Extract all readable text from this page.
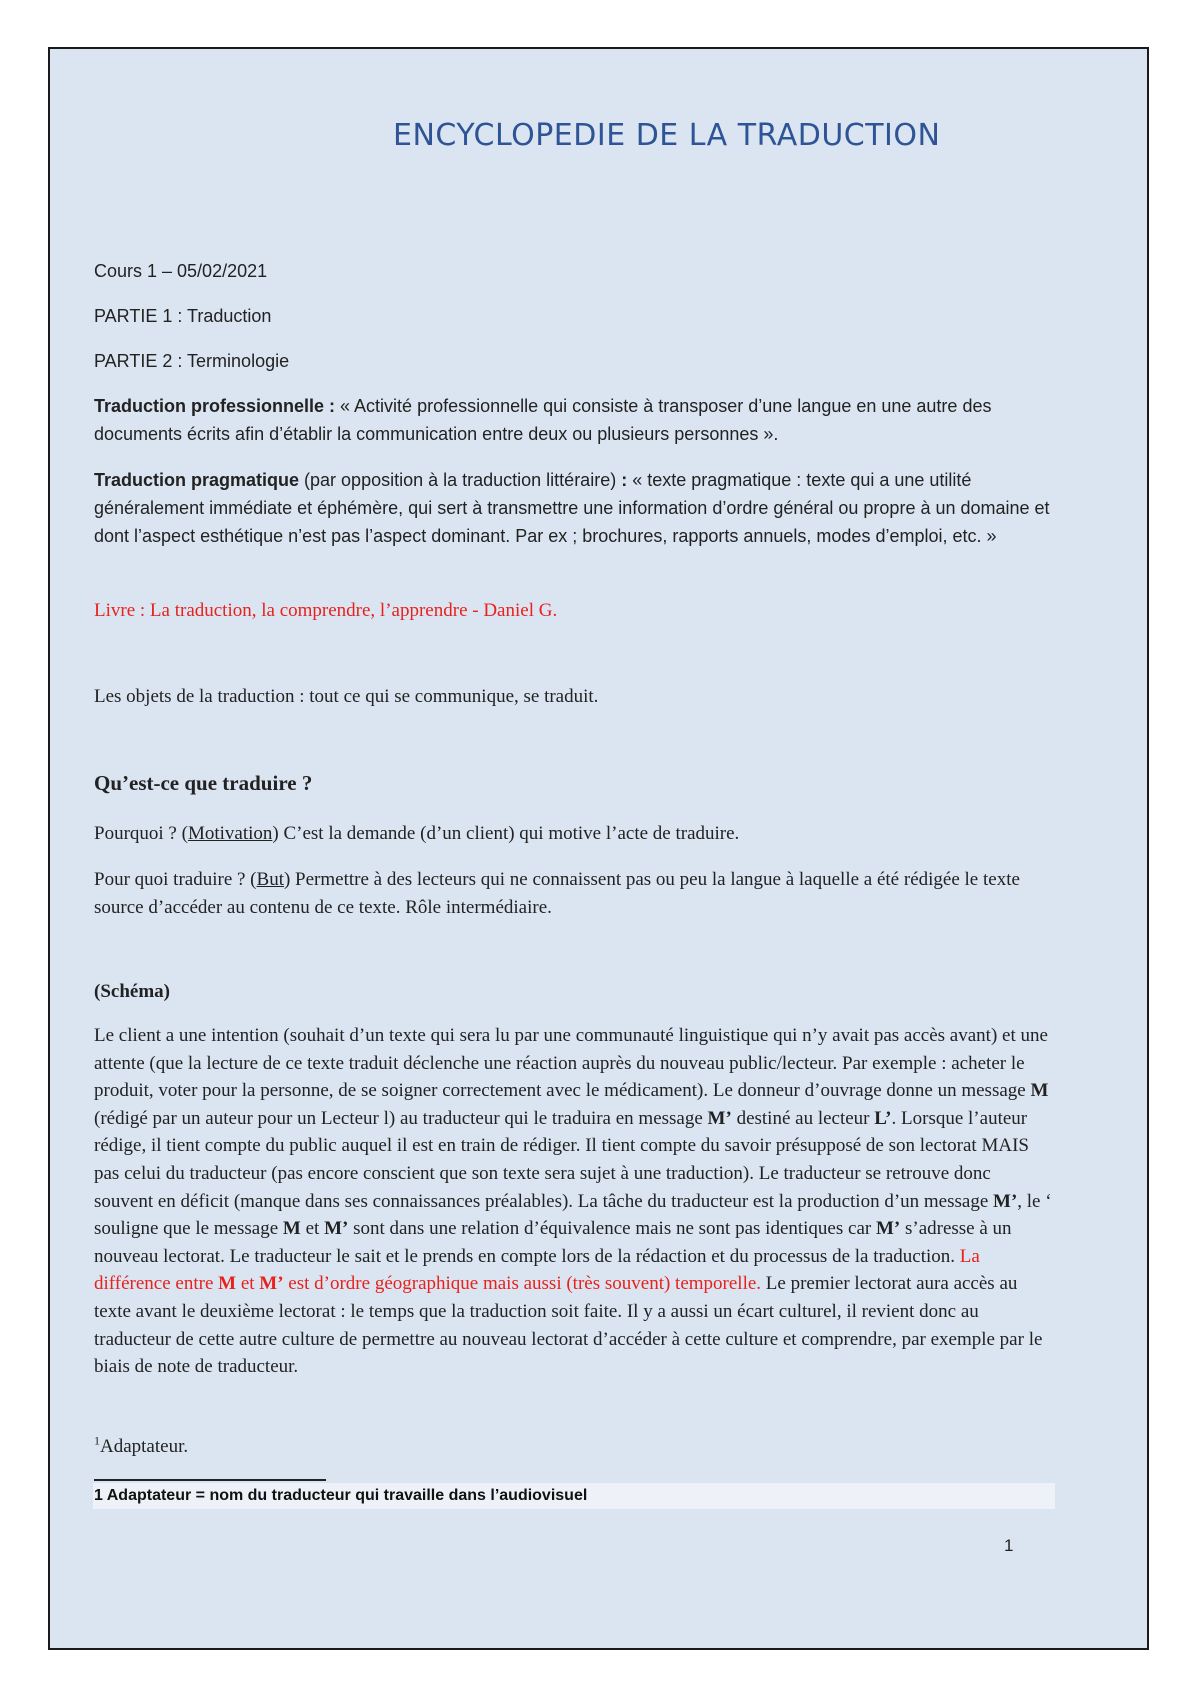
ENCYCLOPEDIE DE LA TRADUCTION

Cours 1 – 05/02/2021

PARTIE 1 : Traduction

PARTIE 2 : Terminologie

Traduction professionnelle : « Activité professionnelle qui consiste à transposer d’une langue en une autre des documents écrits afin d’établir la communication entre deux ou plusieurs personnes ».

Traduction pragmatique (par opposition à la traduction littéraire) : « texte pragmatique : texte qui a une utilité généralement immédiate et éphémère, qui sert à transmettre une information d’ordre général ou propre à un domaine et dont l’aspect esthétique n’est pas l’aspect dominant. Par ex ; brochures, rapports annuels, modes d’emploi, etc. »

Livre : La traduction, la comprendre, l’apprendre - Daniel G.

Les objets de la traduction : tout ce qui se communique, se traduit.

Qu’est-ce que traduire ?

Pourquoi ? (Motivation) C’est la demande (d’un client) qui motive l’acte de traduire.

Pour quoi traduire ? (But) Permettre à des lecteurs qui ne connaissent pas ou peu la langue à laquelle a été rédigée le texte source d’accéder au contenu de ce texte. Rôle intermédiaire.

(Schéma)

Le client a une intention (souhait d’un texte qui sera lu par une communauté linguistique qui n’y avait pas accès avant) et une attente (que la lecture de ce texte traduit déclenche une réaction auprès du nouveau public/lecteur. Par exemple : acheter le produit, voter pour la personne, de se soigner correctement avec le médicament). Le donneur d’ouvrage donne un message M (rédigé par un auteur pour un Lecteur l) au traducteur qui le traduira en message M’ destiné au lecteur L’. Lorsque l’auteur rédige, il tient compte du public auquel il est en train de rédiger. Il tient compte du savoir présupposé de son lectorat MAIS pas celui du traducteur (pas encore conscient que son texte sera sujet à une traduction). Le traducteur se retrouve donc souvent en déficit (manque dans ses connaissances préalables). La tâche du traducteur est la production d’un message M’, le ‘ souligne que le message M et M’ sont dans une relation d’équivalence mais ne sont pas identiques car M’ s’adresse à un nouveau lectorat. Le traducteur le sait et le prends en compte lors de la rédaction et du processus de la traduction. La différence entre M et M’ est d’ordre géographique mais aussi (très souvent) temporelle. Le premier lectorat aura accès au texte avant le deuxième lectorat : le temps que la traduction soit faite. Il y a aussi un écart culturel, il revient donc au traducteur de cette autre culture de permettre au nouveau lectorat d’accéder à cette culture et comprendre, par exemple par le biais de note de traducteur.

$^1$Adaptateur.

1 Adaptateur = nom du traducteur qui travaille dans l’audiovisuel
1
